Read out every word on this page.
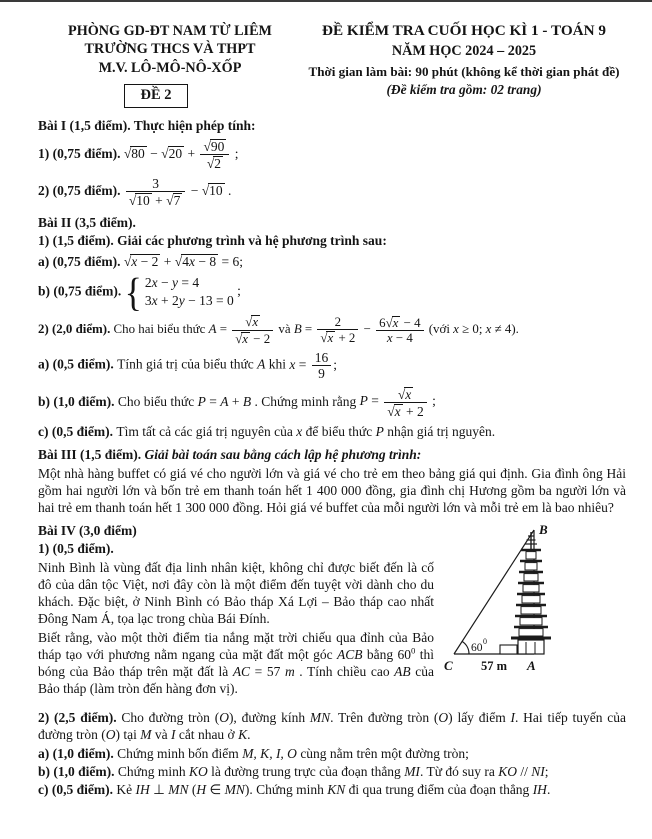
PHÒNG GD-ĐT NAM TỪ LIÊM
TRƯỜNG THCS VÀ THPT
M.V. LÔ-MÔ-NÔ-XỐP
ĐỀ 2
ĐỀ KIỂM TRA CUỐI HỌC KÌ 1 - TOÁN 9
NĂM HỌC 2024 – 2025
Thời gian làm bài: 90 phút (không kể thời gian phát đề)
(Đề kiểm tra gồm: 02 trang)
Bài I (1,5 điểm). Thực hiện phép tính:
1) (0,75 điểm). $√80 - √20 + \frac{√90}{√2}$ ;
2) (0,75 điểm). $\frac{3}{√10 + √7} - √10$ .
Bài II (3,5 điểm).
1) (1,5 điểm). Giải các phương trình và hệ phương trình sau:
a) (0,75 điểm). √x − 2 + √4x − 8 = 6;
b) (0,75 điểm). { 2x − y = 4
3x + 2y − 13 = 0
;
2) (2,0 điểm). Cho hai biểu thức $A = \frac{√x}{√x - 2}$ và $B = \frac{2}{√x + 2} - \frac{6√x - 4}{x - 4}$ (với x ≥ 0; x ≠ 4).
a) (0,5 điểm). Tính giá trị của biểu thức A khi $x = \frac{16}{9}$ ;
b) (1,0 điểm). Cho biểu thức P = A + B . Chứng minh rằng $P = \frac{√x}{√x + 2}$ ;
c) (0,5 điểm). Tìm tất cả các giá trị nguyên của x để biểu thức P nhận giá trị nguyên.
Bài III (1,5 điểm). Giải bài toán sau bằng cách lập hệ phương trình:

Một nhà hàng buffet có giá vé cho người lớn và giá vé cho trẻ em theo bảng giá qui định. Gia đình ông Hải gồm hai người lớn và bốn trẻ em thanh toán hết 1 400 000 đồng, gia đình chị Hương gồm ba người lớn và hai trẻ em thanh toán hết 1 300 000 đồng. Hỏi giá vé buffet của mỗi người lớn và mỗi trẻ em là bao nhiêu?

B
C	A
57 m
60
0
Bài IV (3,0 điểm)
1) (0,5 điểm).

Ninh Bình là vùng đất địa linh nhân kiệt, không chỉ được biết đến là cố đô của dân tộc Việt, nơi đây còn là một điểm đến tuyệt vời dành cho du khách. Đặc biệt, ở Ninh Bình có Bảo tháp Xá Lợi – Bảo tháp cao nhất Đông Nam Á, tọa lạc trong chùa Bái Đính.

Biết rằng, vào một thời điểm tia nắng mặt trời chiếu qua đỉnh của Bảo tháp tạo với phương nằm ngang của mặt đất một góc ACB bằng $60^0$ thì bóng của Bảo tháp trên mặt đất là AC = 57 m . Tính chiều cao AB của Bảo tháp (làm tròn đến hàng đơn vị).

2) (2,5 điểm). Cho đường tròn (O), đường kính MN. Trên đường tròn (O) lấy điểm I. Hai tiếp tuyến của đường tròn (O) tại M và I cắt nhau ở K.

a) (1,0 điểm). Chứng minh bốn điểm M, K, I, O cùng nằm trên một đường tròn;
b) (1,0 điểm). Chứng minh KO là đường trung trực của đoạn thẳng MI. Từ đó suy ra KO // NI;
c) (0,5 điểm). Kẻ IH ⊥ MN (H ∈ MN). Chứng minh KN đi qua trung điểm của đoạn thẳng IH.
